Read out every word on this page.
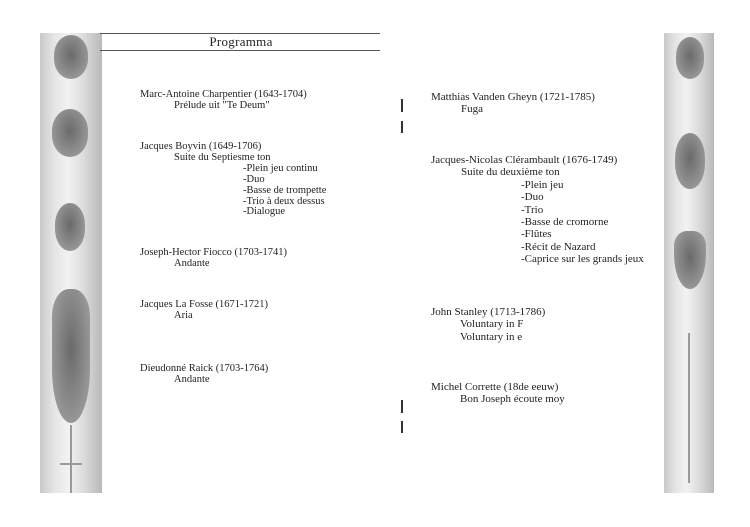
Programma
Marc-Antoine Charpentier (1643-1704)
Prélude uit "Te Deum"
Jacques Boyvin (1649-1706)
Suite du Septiesme ton
-Plein jeu continu
-Duo
-Basse de trompette
-Trio à deux dessus
-Dialogue
Joseph-Hector Fiocco (1703-1741)
Andante
Jacques La Fosse (1671-1721)
Aria
Dieudonné Raick (1703-1764)
Andante
Matthias Vanden Gheyn (1721-1785)
Fuga
Jacques-Nicolas Clérambault (1676-1749)
Suite du deuxième ton
-Plein jeu
-Duo
-Trio
-Basse de cromorne
-Flûtes
-Récit de Nazard
-Caprice sur les grands jeux
John Stanley (1713-1786)
Voluntary in F
Voluntary in e
Michel Corrette (18de eeuw)
Bon Joseph écoute moy
